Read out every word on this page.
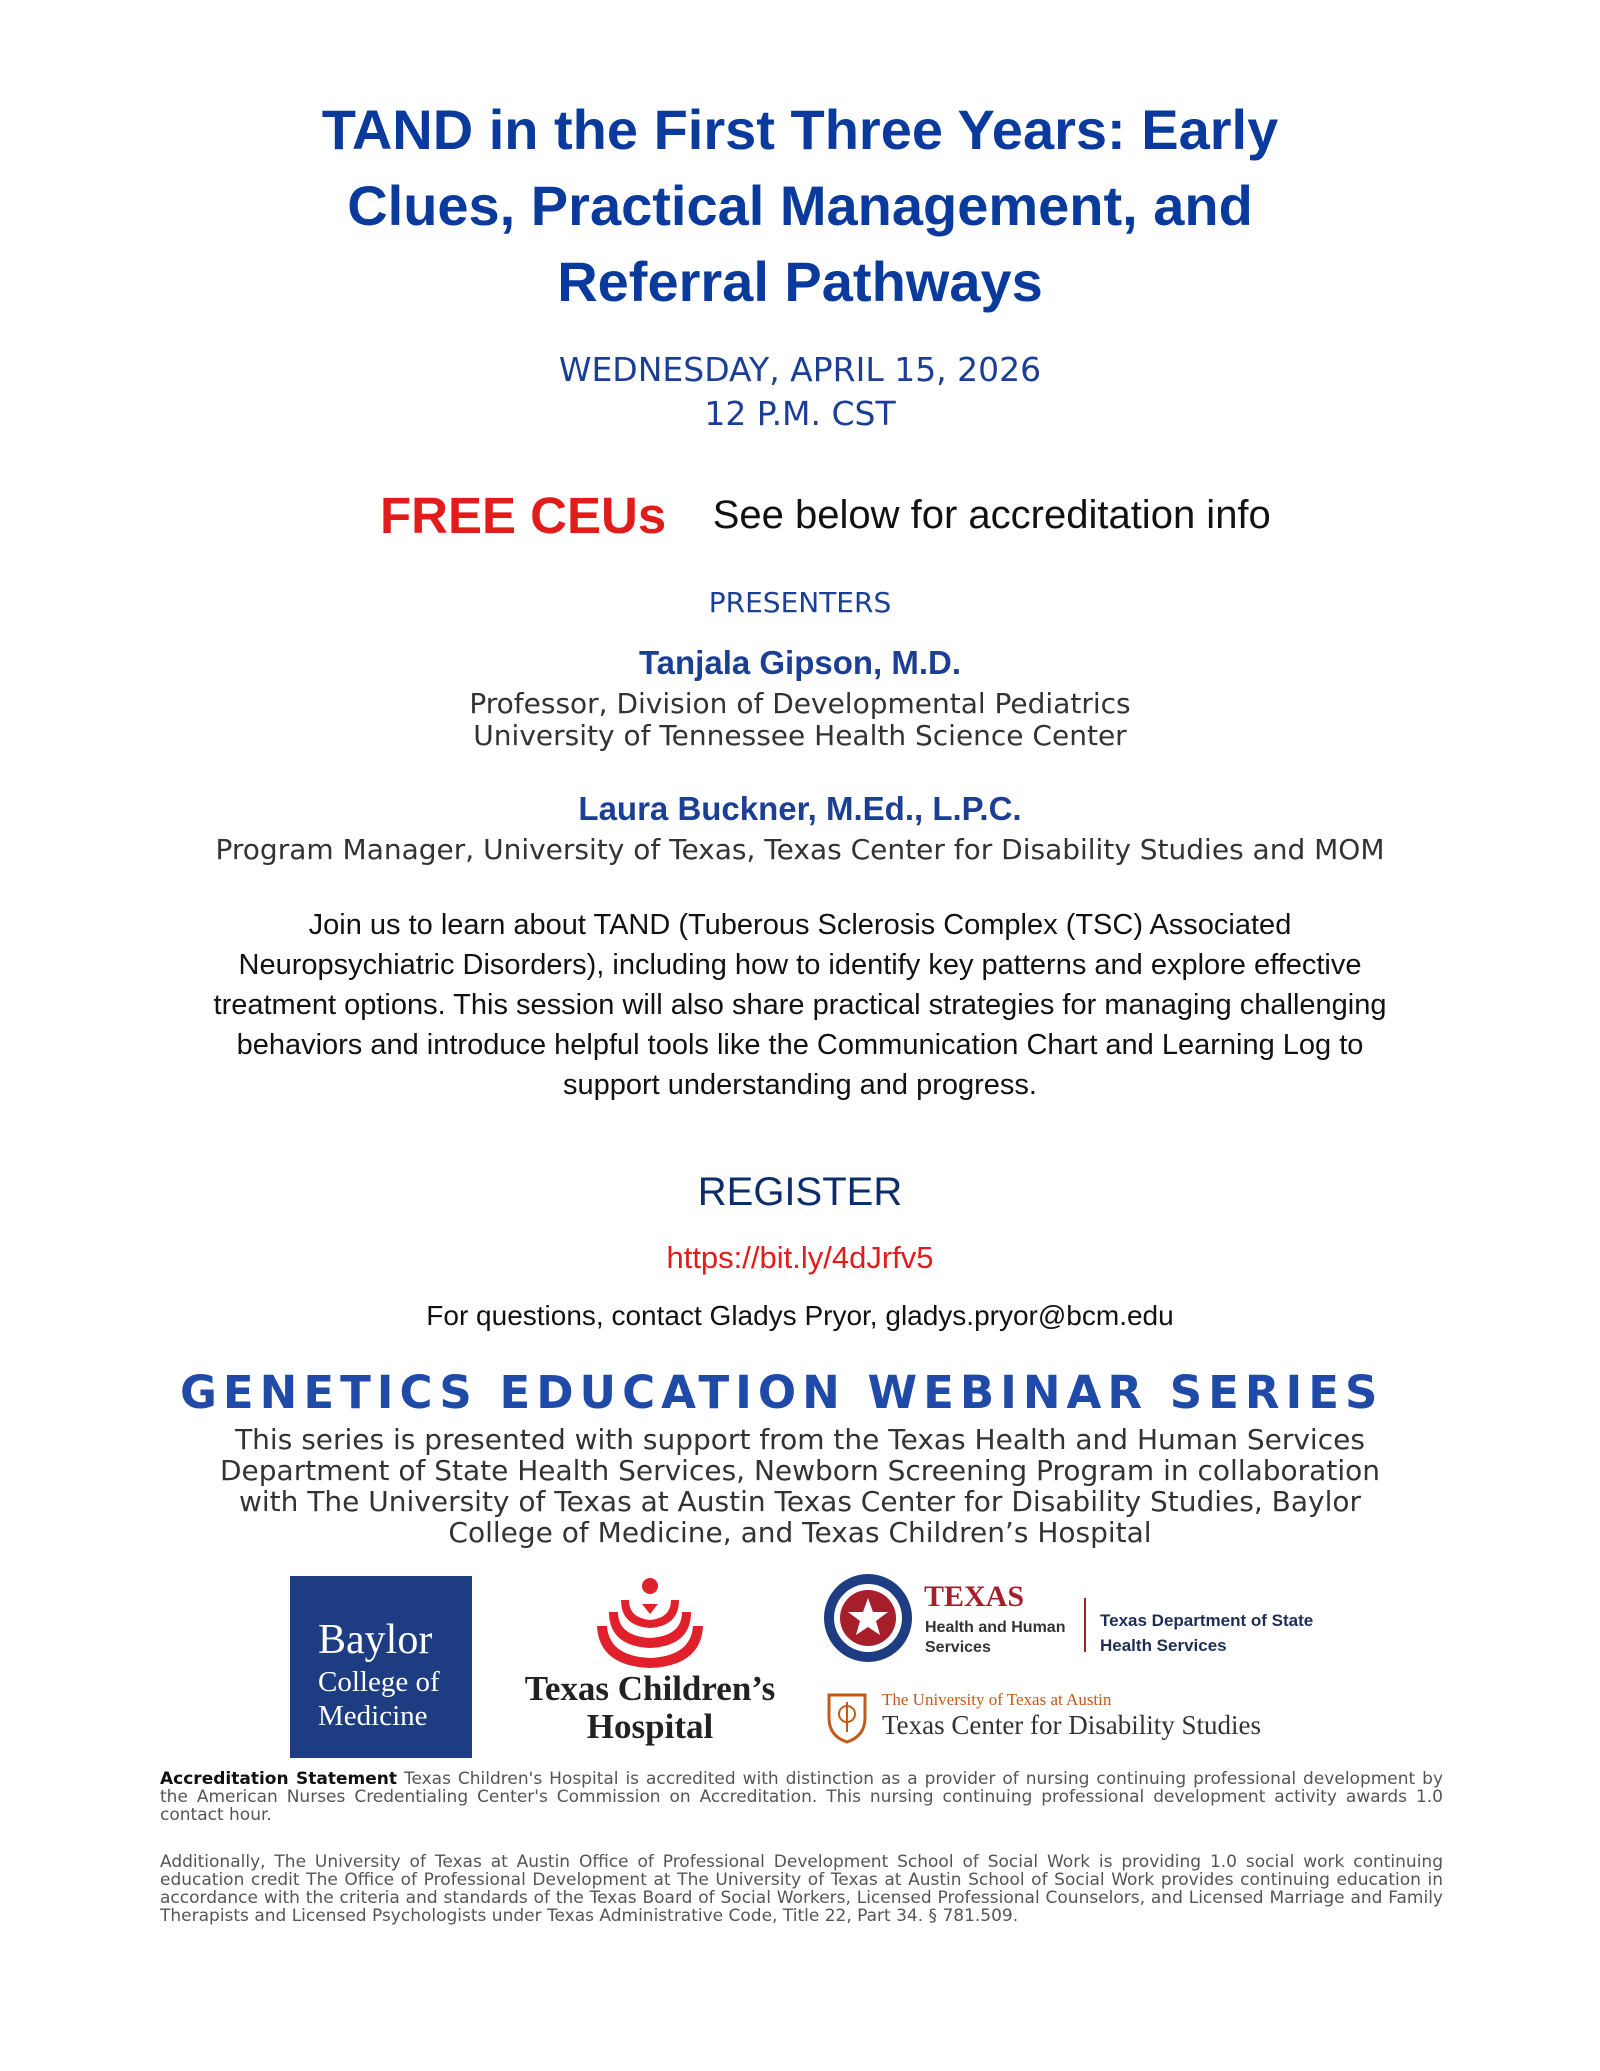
TAND in the First Three Years: Early
Clues, Practical Management, and
Referral Pathways
WEDNESDAY, APRIL 15, 2026
12 P.M. CST
FREE CEUs See below for accreditation info
PRESENTERS
Tanjala Gipson, M.D.
Professor, Division of Developmental Pediatrics
University of Tennessee Health Science Center
Laura Buckner, M.Ed., L.P.C.
Program Manager, University of Texas, Texas Center for Disability Studies and MOM
Join us to learn about TAND (Tuberous Sclerosis Complex (TSC) Associated
Neuropsychiatric Disorders), including how to identify key patterns and explore effective
treatment options. This session will also share practical strategies for managing challenging
behaviors and introduce helpful tools like the Communication Chart and Learning Log to
support understanding and progress.
REGISTER
https://bit.ly/4dJrfv5
For questions, contact Gladys Pryor, gladys.pryor@bcm.edu
GENETICS EDUCATION WEBINAR SERIES
This series is presented with support from the Texas Health and Human Services
Department of State Health Services, Newborn Screening Program in collaboration
with The University of Texas at Austin Texas Center for Disability Studies, Baylor
College of Medicine, and Texas Children’s Hospital
Baylor
College of
Medicine
Texas Children’s
Hospital
TEXAS
Health and Human
Services
Texas Department of State
Health Services
The University of Texas at Austin
Texas Center for Disability Studies
Accreditation Statement Texas Children's Hospital is accredited with distinction as a provider of nursing continuing professional development by the American Nurses Credentialing Center's Commission on Accreditation. This nursing continuing professional development activity awards 1.0 contact hour.
Additionally, The University of Texas at Austin Office of Professional Development School of Social Work is providing 1.0 social work continuing education credit The Office of Professional Development at The University of Texas at Austin School of Social Work provides continuing education in accordance with the criteria and standards of the Texas Board of Social Workers, Licensed Professional Counselors, and Licensed Marriage and Family Therapists and Licensed Psychologists under Texas Administrative Code, Title 22, Part 34. § 781.509.
